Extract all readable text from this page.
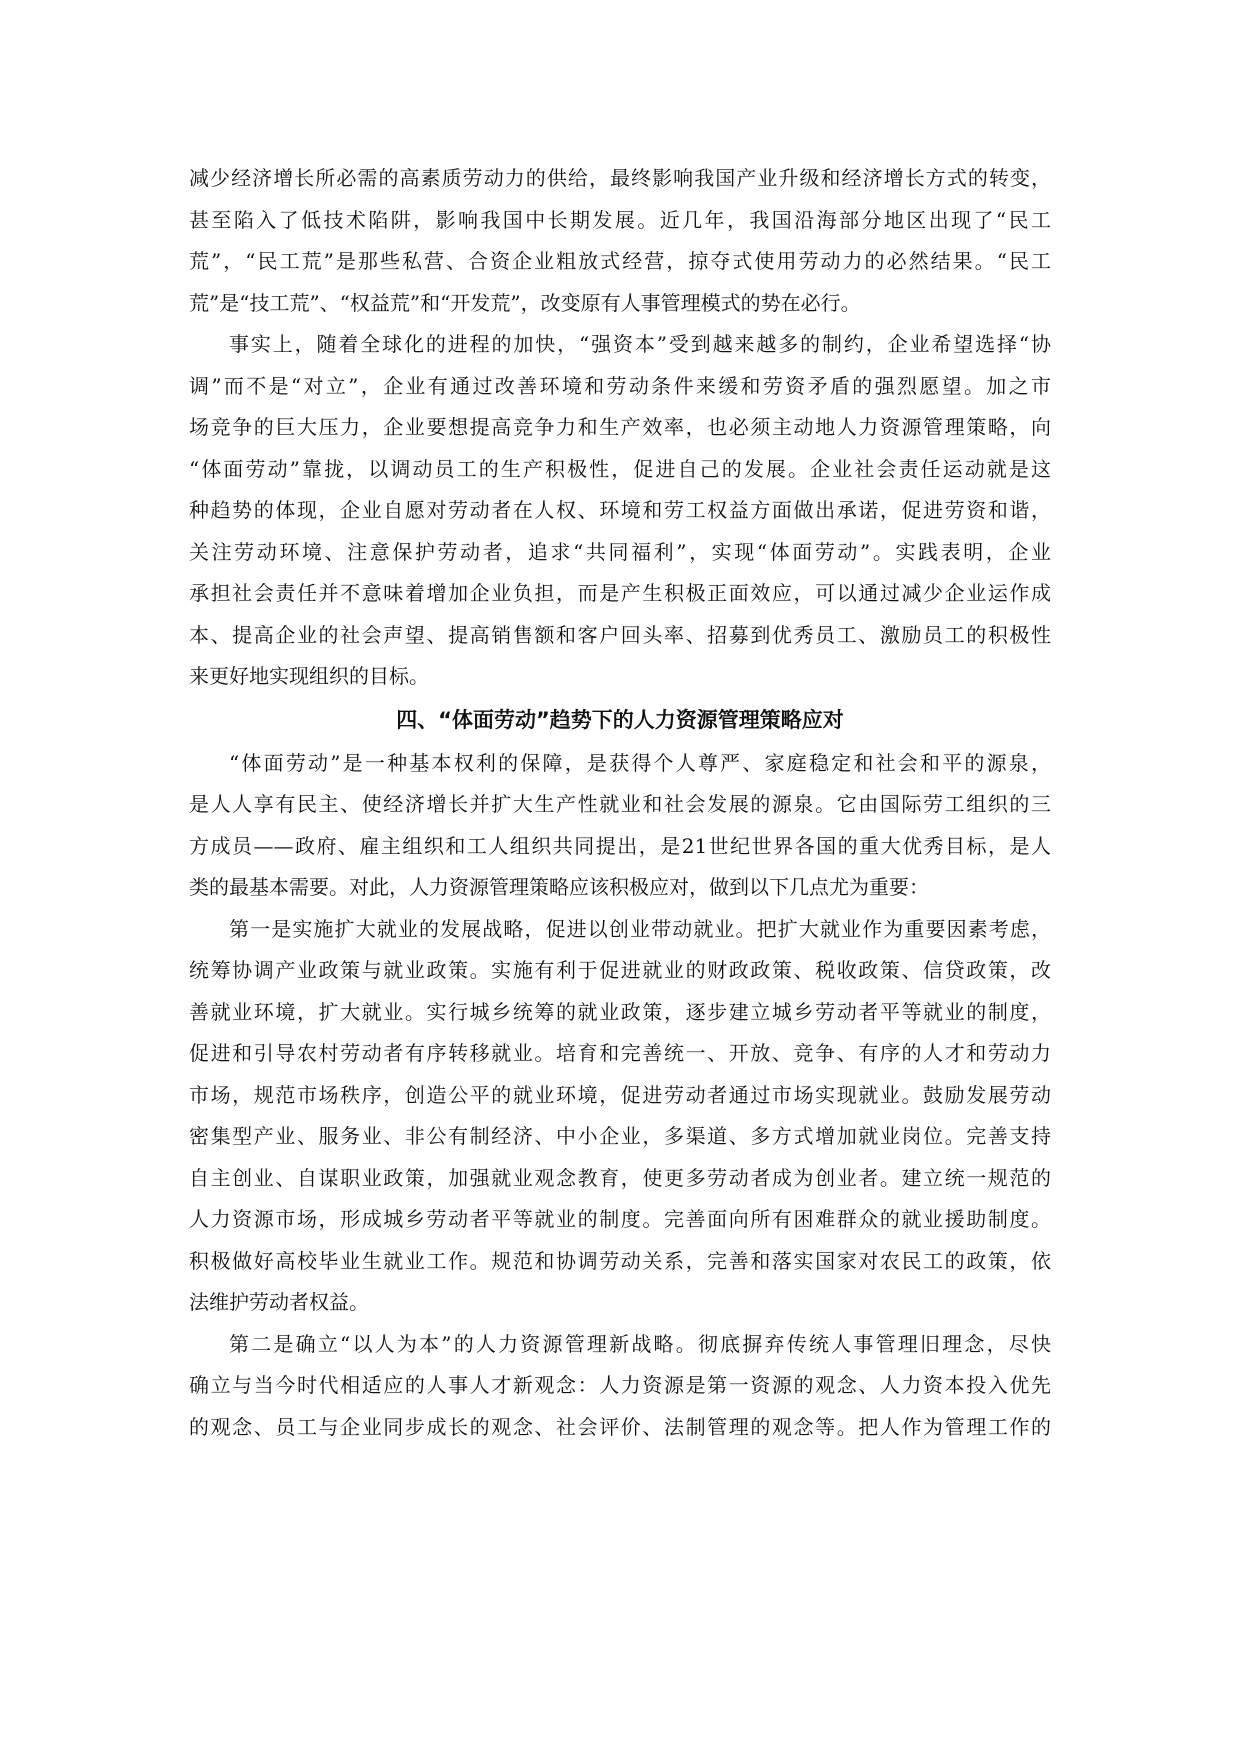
减少经济增长所必需的高素质劳动力的供给，最终影响我国产业升级和经济增长方式的转变，
甚至陷入了低技术陷阱，影响我国中长期发展。近几年，我国沿海部分地区出现了“民工
荒”，“民工荒”是那些私营、合资企业粗放式经营，掠夺式使用劳动力的必然结果。“民工
荒”是“技工荒”、“权益荒”和“开发荒”，改变原有人事管理模式的势在必行。
事实上，随着全球化的进程的加快，“强资本”受到越来越多的制约，企业希望选择“协
调”而不是“对立”，企业有通过改善环境和劳动条件来缓和劳资矛盾的强烈愿望。加之市
场竞争的巨大压力，企业要想提高竞争力和生产效率，也必须主动地人力资源管理策略，向
“体面劳动”靠拢，以调动员工的生产积极性，促进自己的发展。企业社会责任运动就是这
种趋势的体现，企业自愿对劳动者在人权、环境和劳工权益方面做出承诺，促进劳资和谐，
关注劳动环境、注意保护劳动者，追求“共同福利”，实现“体面劳动”。实践表明，企业
承担社会责任并不意味着增加企业负担，而是产生积极正面效应，可以通过减少企业运作成
本、提高企业的社会声望、提高销售额和客户回头率、招募到优秀员工、激励员工的积极性
来更好地实现组织的目标。
四、“体面劳动”趋势下的人力资源管理策略应对
“体面劳动”是一种基本权利的保障，是获得个人尊严、家庭稳定和社会和平的源泉，
是人人享有民主、使经济增长并扩大生产性就业和社会发展的源泉。它由国际劳工组织的三
方成员——政府、雇主组织和工人组织共同提出，是21世纪世界各国的重大优秀目标，是人
类的最基本需要。对此，人力资源管理策略应该积极应对，做到以下几点尤为重要：
第一是实施扩大就业的发展战略，促进以创业带动就业。把扩大就业作为重要因素考虑，
统筹协调产业政策与就业政策。实施有利于促进就业的财政政策、税收政策、信贷政策，改
善就业环境，扩大就业。实行城乡统筹的就业政策，逐步建立城乡劳动者平等就业的制度，
促进和引导农村劳动者有序转移就业。培育和完善统一、开放、竞争、有序的人才和劳动力
市场，规范市场秩序，创造公平的就业环境，促进劳动者通过市场实现就业。鼓励发展劳动
密集型产业、服务业、非公有制经济、中小企业，多渠道、多方式增加就业岗位。完善支持
自主创业、自谋职业政策，加强就业观念教育，使更多劳动者成为创业者。建立统一规范的
人力资源市场，形成城乡劳动者平等就业的制度。完善面向所有困难群众的就业援助制度。
积极做好高校毕业生就业工作。规范和协调劳动关系，完善和落实国家对农民工的政策，依
法维护劳动者权益。
第二是确立“以人为本”的人力资源管理新战略。彻底摒弃传统人事管理旧理念，尽快
确立与当今时代相适应的人事人才新观念：人力资源是第一资源的观念、人力资本投入优先
的观念、员工与企业同步成长的观念、社会评价、法制管理的观念等。把人作为管理工作的
